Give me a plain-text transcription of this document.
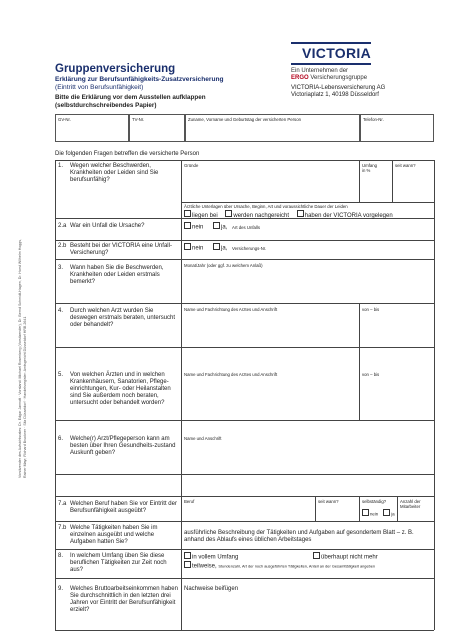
VICTORIA
Ein Unternehmen der
ERGO Versicherungsgruppe
VICTORIA-Lebensversicherung AG
Victoriaplatz 1, 40198 Düsseldorf
Gruppenversicherung
Erklärung zur Berufsunfähigkeits-Zusatzversicherung
(Eintritt von Berufsunfähigkeit)
Bitte die Erklärung vor dem Ausstellen aufklappen
(selbstdurchschreibendes Papier)
GV-Nr.	TV-Nr.	Zuname, Vorname und Geburtstag der versicherten Person	Telefon-Nr.
Die folgenden Fragen betreffen die versicherte Person
Vorsitzender des Aufsichtsrates: Dr. Edgar Jannott · Vorstand: Michael Rosenberg (Vorsitzender), Dr. Bernd Schmidt-Hagen, Dr. Horst Wilhelm Hoggs, Rainer Mayr, Richard Bruckner · Sitz Düsseldorf · Handelsregister: Amtsgericht Düsseldorf HRB 2641
1. Wegen welcher Beschwerden, Krankheiten oder Leiden sind Sie berufsunfähig?
Gründe	Umfang
in %
seit wann?
Ärztliche Unterlagen über Ursache, Beginn, Art und voraussichtliche Dauer der Leiden
liegen bei	werden nachgereicht	haben der VICTORIA vorgelegen
2.a War ein Unfall die Ursache?	nein	ja, Art des Unfalls
2.b Besteht bei der VICTORIA eine Unfall-Versicherung?
nein	ja, Versicherungs-Nr.
3. Wann haben Sie die Beschwerden, Krankheiten oder Leiden erstmals bemerkt?
Monat/Jahr (oder ggf. zu welchem Anlaß)
4. Durch welchen Arzt wurden Sie deswegen erstmals beraten, untersucht oder behandelt?
Name und Fachrichtung des Arztes und Anschrift	von – bis
5. Von welchen Ärzten und in welchen Krankenhäusern, Sanatorien, Pflege-einrichtungen, Kur- oder Heilanstalten sind Sie außerdem noch beraten, untersucht oder behandelt worden?
Name und Fachrichtung des Arztes und Anschrift	von – bis
6. Welche(r) Arzt/Pflegeperson kann am besten über Ihren Gesundheits-zustand Auskunft geben?
Name und Anschrift
7.a Welchen Beruf haben Sie vor Eintritt der Berufsunfähigkeit ausgeübt?
Beruf	seit wann?	selbständig?
nein	ja
Anzahl der
Mitarbeiter
7.b Welche Tätigkeiten haben Sie im einzelnen ausgeübt und welche Aufgaben hatten Sie?
ausführliche Beschreibung der Tätigkeiten und Aufgaben auf gesondertem Blatt – z. B. anhand des Ablaufs eines üblichen Arbeitstages
8. In welchem Umfang üben Sie diese beruflichen Tätigkeiten zur Zeit noch aus?
in vollem Umfang	überhaupt nicht mehr
teilweise, Stundenzahl, Art der noch ausgeführten Tätigkeiten, Anteil an der Gesamttätigkeit angeben
9. Welches Bruttoarbeitseinkommen haben Sie durchschnittlich in den letzten drei Jahren vor Eintritt der Berufsunfähigkeit erzielt?
Nachweise beifügen
